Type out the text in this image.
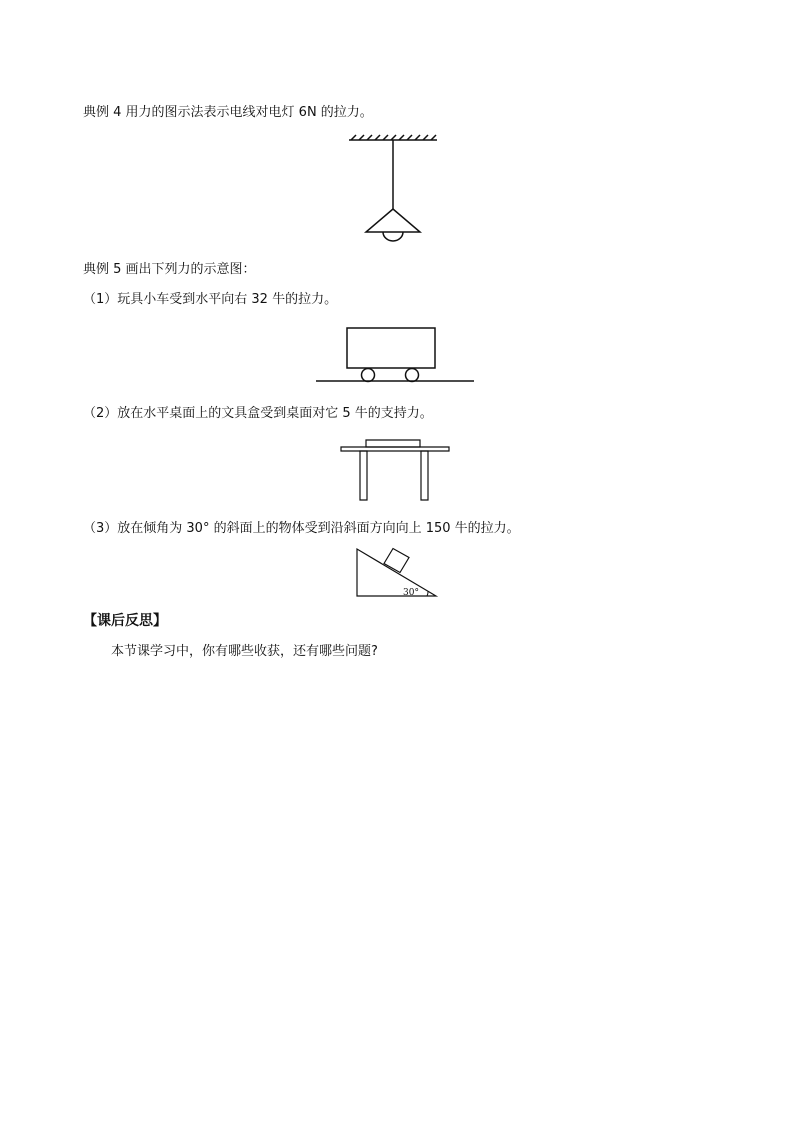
典例 4 用力的图示法表示电线对电灯 6N 的拉力。
典例 5 画出下列力的示意图：
（1）玩具小车受到水平向右 32 牛的拉力。
（2）放在水平桌面上的文具盒受到桌面对它 5 牛的支持力。
（3）放在倾角为 30° 的斜面上的物体受到沿斜面方向向上 150 牛的拉力。
30°
【课后反思】
本节课学习中，你有哪些收获，还有哪些问题?
